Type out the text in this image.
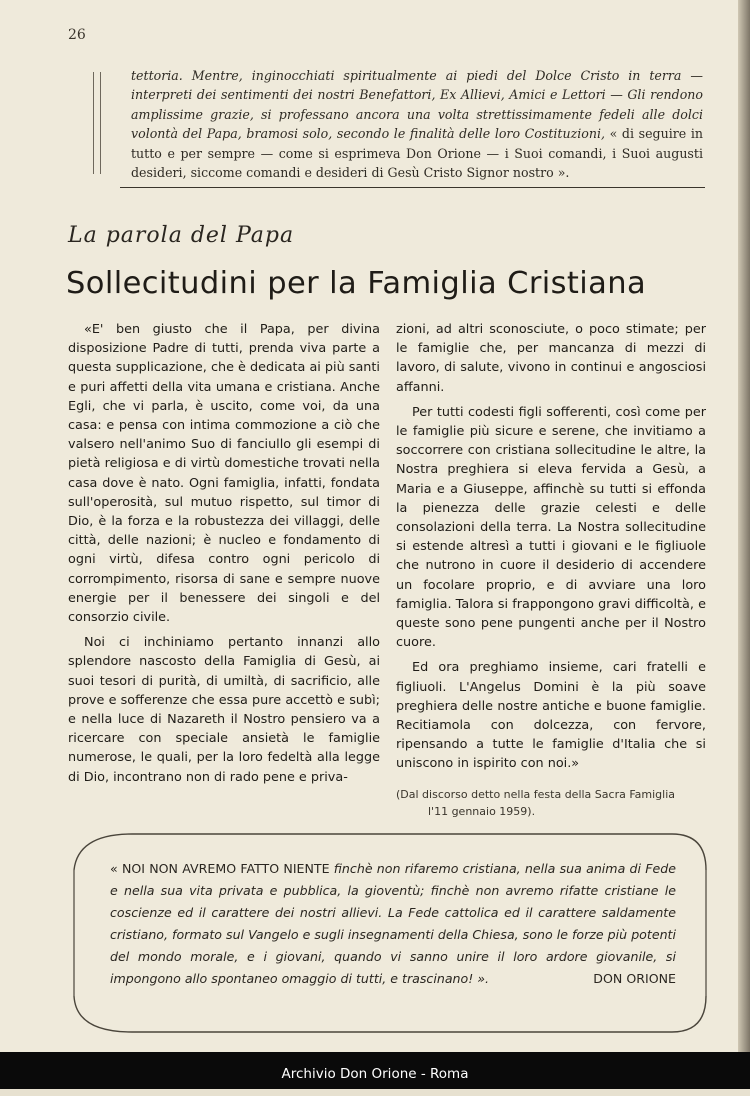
26
tettoria. Mentre, inginocchiati spiritualmente ai piedi del Dolce Cristo in terra — interpreti dei sentimenti dei nostri Benefattori, Ex Allievi, Amici e Lettori — Gli rendono amplissime grazie, si professano ancora una volta strettissimamente fedeli alle dolci volontà del Papa, bramosi solo, secondo le finalità delle loro Costituzioni, « di seguire in tutto e per sempre — come si esprimeva Don Orione — i Suoi comandi, i Suoi augusti desideri, siccome comandi e desideri di Gesù Cristo Signor nostro ».
La parola del Papa
Sollecitudini per la Famiglia Cristiana

«E' ben giusto che il Papa, per divina disposizione Padre di tutti, prenda viva parte a questa supplicazione, che è dedicata ai più santi e puri affetti della vita umana e cristiana. Anche Egli, che vi parla, è uscito, come voi, da una casa: e pensa con intima commozione a ciò che valsero nell'animo Suo di fanciullo gli esempi di pietà religiosa e di virtù domestiche trovati nella casa dove è nato. Ogni famiglia, infatti, fondata sull'operosità, sul mutuo rispetto, sul timor di Dio, è la forza e la robustezza dei villaggi, delle città, delle nazioni; è nucleo e fondamento di ogni virtù, difesa contro ogni pericolo di corrompimento, risorsa di sane e sempre nuove energie per il benessere dei singoli e del consorzio civile.

Noi ci inchiniamo pertanto innanzi allo splendore nascosto della Famiglia di Gesù, ai suoi tesori di purità, di umiltà, di sacrificio, alle prove e sofferenze che essa pure accettò e subì; e nella luce di Nazareth il Nostro pensiero va a ricercare con speciale ansietà le famiglie numerose, le quali, per la loro fedeltà alla legge di Dio, incontrano non di rado pene e priva-

zioni, ad altri sconosciute, o poco stimate; per le famiglie che, per mancanza di mezzi di lavoro, di salute, vivono in continui e angosciosi affanni.

Per tutti codesti figli sofferenti, così come per le famiglie più sicure e serene, che invitiamo a soccorrere con cristiana sollecitudine le altre, la Nostra preghiera si eleva fervida a Gesù, a Maria e a Giuseppe, affinchè su tutti si effonda la pienezza delle grazie celesti e delle consolazioni della terra. La Nostra sollecitudine si estende altresì a tutti i giovani e le figliuole che nutrono in cuore il desiderio di accendere un focolare proprio, e di avviare una loro famiglia. Talora si frappongono gravi difficoltà, e queste sono pene pungenti anche per il Nostro cuore.

Ed ora preghiamo insieme, cari fratelli e figliuoli. L'Angelus Domini è la più soave preghiera delle nostre antiche e buone famiglie. Recitiamola con dolcezza, con fervore, ripensando a tutte le famiglie d'Italia che si uniscono in ispirito con noi.»

(Dal discorso detto nella festa della Sacra Famiglia
l'11 gennaio 1959).
« NOI NON AVREMO FATTO NIENTE finchè non rifaremo cristiana, nella sua anima di Fede e nella sua vita privata e pubblica, la gioventù; finchè non avremo rifatte cristiane le coscienze ed il carattere dei nostri allievi. La Fede cattolica ed il carattere saldamente cristiano, formato sul Vangelo e sugli insegnamenti della Chiesa, sono le forze più potenti del mondo morale, e i giovani, quando vi sanno unire il loro ardore giovanile, si impongono allo spontaneo omaggio di tutti, e trascinano! ».	DON ORIONE
Archivio Don Orione - Roma
